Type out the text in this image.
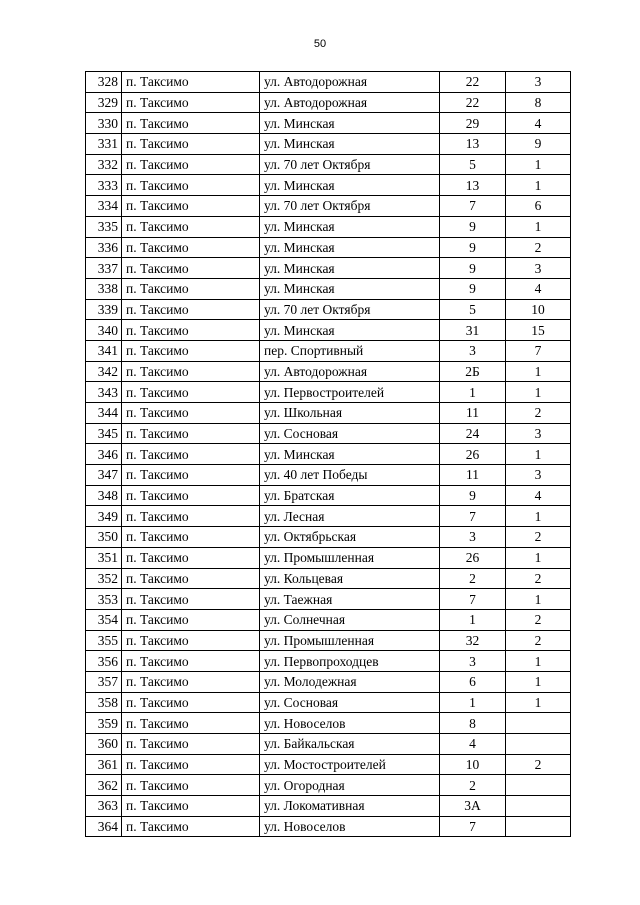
50
328	п. Таксимо	ул. Автодорожная	22	3
329	п. Таксимо	ул. Автодорожная	22	8
330	п. Таксимо	ул. Минская	29	4
331	п. Таксимо	ул. Минская	13	9
332	п. Таксимо	ул. 70 лет Октября	5	1
333	п. Таксимо	ул. Минская	13	1
334	п. Таксимо	ул. 70 лет Октября	7	6
335	п. Таксимо	ул. Минская	9	1
336	п. Таксимо	ул. Минская	9	2
337	п. Таксимо	ул. Минская	9	3
338	п. Таксимо	ул. Минская	9	4
339	п. Таксимо	ул. 70 лет Октября	5	10
340	п. Таксимо	ул. Минская	31	15
341	п. Таксимо	пер. Спортивный	3	7
342	п. Таксимо	ул. Автодорожная	2Б	1
343	п. Таксимо	ул. Первостроителей	1	1
344	п. Таксимо	ул. Школьная	11	2
345	п. Таксимо	ул. Сосновая	24	3
346	п. Таксимо	ул. Минская	26	1
347	п. Таксимо	ул. 40 лет Победы	11	3
348	п. Таксимо	ул. Братская	9	4
349	п. Таксимо	ул. Лесная	7	1
350	п. Таксимо	ул. Октябрьская	3	2
351	п. Таксимо	ул. Промышленная	26	1
352	п. Таксимо	ул. Кольцевая	2	2
353	п. Таксимо	ул. Таежная	7	1
354	п. Таксимо	ул. Солнечная	1	2
355	п. Таксимо	ул. Промышленная	32	2
356	п. Таксимо	ул. Первопроходцев	3	1
357	п. Таксимо	ул. Молодежная	6	1
358	п. Таксимо	ул. Сосновая	1	1
359	п. Таксимо	ул. Новоселов	8	
360	п. Таксимо	ул. Байкальская	4	
361	п. Таксимо	ул. Мостостроителей	10	2
362	п. Таксимо	ул. Огородная	2	
363	п. Таксимо	ул. Локомативная	3А	
364	п. Таксимо	ул. Новоселов	7	
